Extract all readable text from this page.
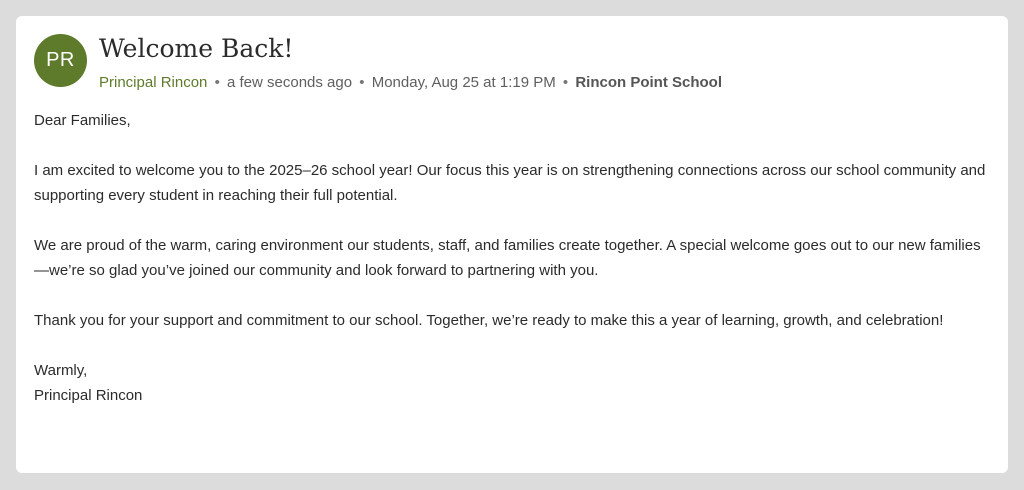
PR Welcome Back!
Principal Rincon • a few seconds ago • Monday, Aug 25 at 1:19 PM • Rincon Point School

Dear Families,

I am excited to welcome you to the 2025–26 school year! Our focus this year is on strengthening connections across our school community and supporting every student in reaching their full potential.

We are proud of the warm, caring environment our students, staff, and families create together. A special welcome goes out to our new families—we’re so glad you’ve joined our community and look forward to partnering with you.

Thank you for your support and commitment to our school. Together, we’re ready to make this a year of learning, growth, and celebration!

Warmly,

Principal Rincon
